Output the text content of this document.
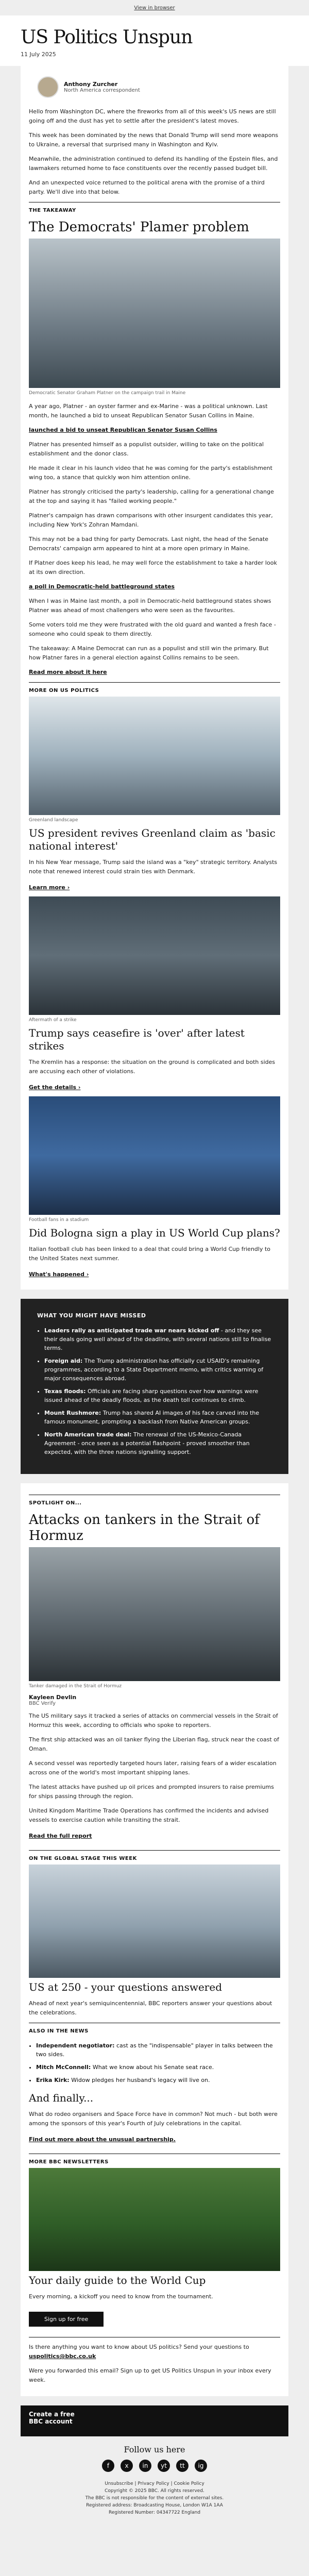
View in browser
US Politics Unspun
11 July 2025
Anthony Zurcher
North America correspondent

Hello from Washington DC, where the fireworks from all of this week's US news are still going off and the dust has yet to settle after the president's latest moves.

This week has been dominated by the news that Donald Trump will send more weapons to Ukraine, a reversal that surprised many in Washington and Kyiv.

Meanwhile, the administration continued to defend its handling of the Epstein files, and lawmakers returned home to face constituents over the recently passed budget bill.

And an unexpected voice returned to the political arena with the promise of a third party. We'll dive into that below.

THE TAKEAWAY
The Democrats' Plamer problem
Democratic Senator Graham Platner on the campaign trail in Maine

A year ago, Platner - an oyster farmer and ex-Marine - was a political unknown. Last month, he launched a bid to unseat Republican Senator Susan Collins in Maine.

launched a bid to unseat Republican Senator Susan Collins

Platner has presented himself as a populist outsider, willing to take on the political establishment and the donor class.

He made it clear in his launch video that he was coming for the party's establishment wing too, a stance that quickly won him attention online.

Platner has strongly criticised the party's leadership, calling for a generational change at the top and saying it has "failed working people."

Platner's campaign has drawn comparisons with other insurgent candidates this year, including New York's Zohran Mamdani.

This may not be a bad thing for party Democrats. Last night, the head of the Senate Democrats' campaign arm appeared to hint at a more open primary in Maine.

If Platner does keep his lead, he may well force the establishment to take a harder look at its own direction.

a poll in Democratic-held battleground states

When I was in Maine last month, a poll in Democratic-held battleground states shows Platner was ahead of most challengers who were seen as the favourites.

Some voters told me they were frustrated with the old guard and wanted a fresh face - someone who could speak to them directly.

The takeaway: A Maine Democrat can run as a populist and still win the primary. But how Platner fares in a general election against Collins remains to be seen.

Read more about it here

MORE ON US POLITICS
Greenland landscape
US president revives Greenland claim as 'basic national interest'

In his New Year message, Trump said the island was a "key" strategic territory. Analysts note that renewed interest could strain ties with Denmark.

Learn more ›
Aftermath of a strike
Trump says ceasefire is 'over' after latest strikes

The Kremlin has a response: the situation on the ground is complicated and both sides are accusing each other of violations.

Get the details ›
Football fans in a stadium
Did Bologna sign a play in US World Cup plans?

Italian football club has been linked to a deal that could bring a World Cup friendly to the United States next summer.

What's happened ›
WHAT YOU MIGHT HAVE MISSED
• Leaders rally as anticipated trade war nears kicked off - and they see their deals going well ahead of the deadline, with several nations still to finalise terms.
• Foreign aid: The Trump administration has officially cut USAID's remaining programmes, according to a State Department memo, with critics warning of major consequences abroad.
• Texas floods: Officials are facing sharp questions over how warnings were issued ahead of the deadly floods, as the death toll continues to climb.
• Mount Rushmore: Trump has shared AI images of his face carved into the famous monument, prompting a backlash from Native American groups.
• North American trade deal: The renewal of the US-Mexico-Canada Agreement - once seen as a potential flashpoint - proved smoother than expected, with the three nations signalling support.
SPOTLIGHT ON...
Attacks on tankers in the Strait of Hormuz
Tanker damaged in the Strait of Hormuz
Kayleen Devlin
BBC Verify

The US military says it tracked a series of attacks on commercial vessels in the Strait of Hormuz this week, according to officials who spoke to reporters.

The first ship attacked was an oil tanker flying the Liberian flag, struck near the coast of Oman.

A second vessel was reportedly targeted hours later, raising fears of a wider escalation across one of the world's most important shipping lanes.

The latest attacks have pushed up oil prices and prompted insurers to raise premiums for ships passing through the region.

United Kingdom Maritime Trade Operations has confirmed the incidents and advised vessels to exercise caution while transiting the strait.

Read the full report
ON THE GLOBAL STAGE THIS WEEK
US at 250 - your questions answered

Ahead of next year's semiquincentennial, BBC reporters answer your questions about the celebrations.

ALSO IN THE NEWS
• Independent negotiator: cast as the "indispensable" player in talks between the two sides.
• Mitch McConnell: What we know about his Senate seat race.
• Erika Kirk: Widow pledges her husband's legacy will live on.
And finally...

What do rodeo organisers and Space Force have in common? Not much - but both were among the sponsors of this year's Fourth of July celebrations in the capital.

Find out more about the unusual partnership.
MORE BBC NEWSLETTERS
Your daily guide to the World Cup

Every morning, a kickoff you need to know from the tournament.

Sign up for free

Is there anything you want to know about US politics? Send your questions to uspolitics@bbc.co.uk

Were you forwarded this email? Sign up to get US Politics Unspun in your inbox every week.

Create a free
BBC account
Follow us here
f	x	in	yt	tt	ig
Unsubscribe | Privacy Policy | Cookie Policy
Copyright © 2025 BBC. All rights reserved.
The BBC is not responsible for the content of external sites.
Registered address: Broadcasting House, London W1A 1AA
Registered Number: 04347722 England
